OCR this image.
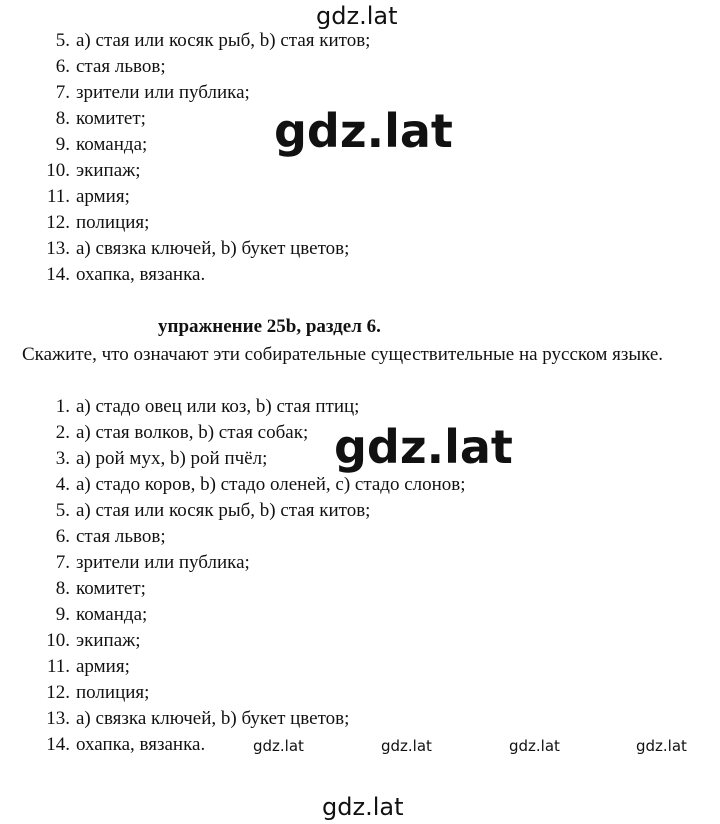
gdz.lat
5. a) стая или косяк рыб, b) стая китов;
6. стая львов;
7. зрители или публика;
8. комитет;
9. команда;
10. экипаж;
11. армия;
12. полиция;
13. a) связка ключей, b) букет цветов;
14. охапка, вязанка.
gdz.lat
упражнение 25b, раздел 6.

Скажите, что означают эти собирательные существительные на русском языке.

1. a) стадо овец или коз, b) стая птиц;
2. a) стая волков, b) стая собак;
3. a) рой мух, b) рой пчёл;
4. a) стадо коров, b) стадо оленей, c) стадо слонов;
5. a) стая или косяк рыб, b) стая китов;
6. стая львов;
7. зрители или публика;
8. комитет;
9. команда;
10. экипаж;
11. армия;
12. полиция;
13. a) связка ключей, b) букет цветов;
14. охапка, вязанка.
gdz.lat
gdz.lat	gdz.lat	gdz.lat	gdz.lat
gdz.lat
